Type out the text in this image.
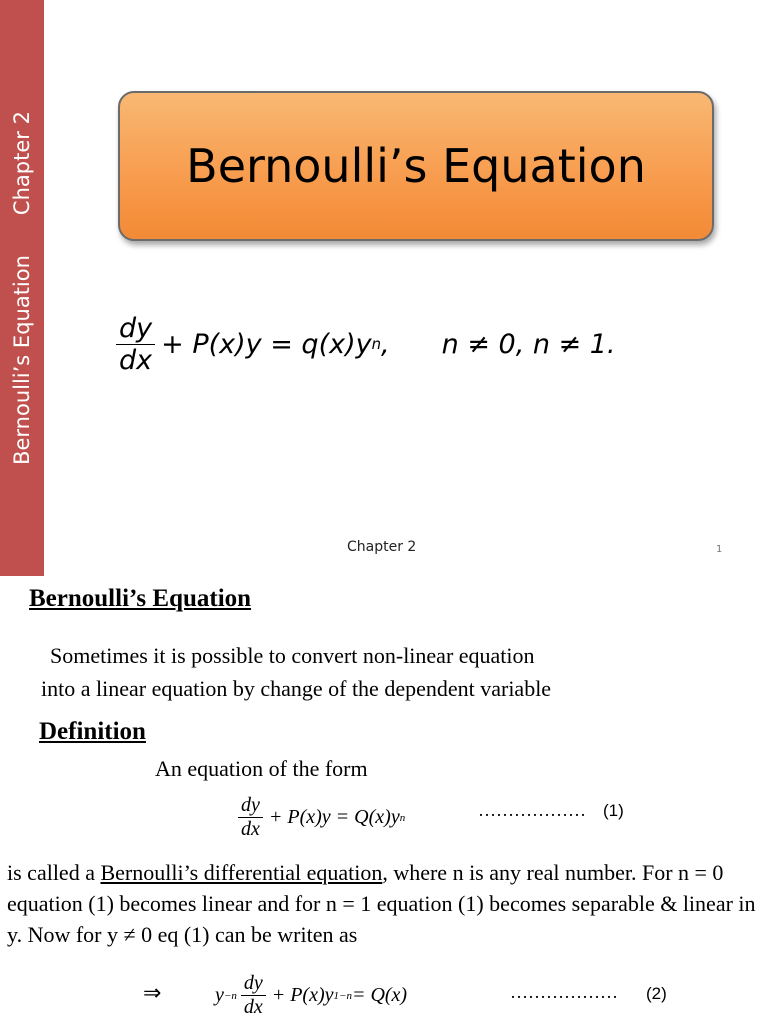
Bernoulli’s EquationChapter 2	Bernoulli’s Equation
$\frac{dy}{dx} + P(x)y = q(x)y$ n , n ≠ 0, n ≠ 1.
Chapter 2	1
Bernoulli’s Equation
Sometimes it is possible to convert non-linear equation
into a linear equation by change of the dependent variable
Definition
An equation of the form
$\frac{dy}{dx} + P(x)y = Q(x)y$ n	……………… (1)
is called a Bernoulli’s differential equation, where n is any real number. For n = 0 equation (1) becomes linear and for n = 1 equation (1) becomes separable & linear in y. Now for y ≠ 0 eq (1) can be writen as
⇒	$y -n \frac{dy}{dx} + P(x)y$ 1−n = Q(x)	……………… (2)
